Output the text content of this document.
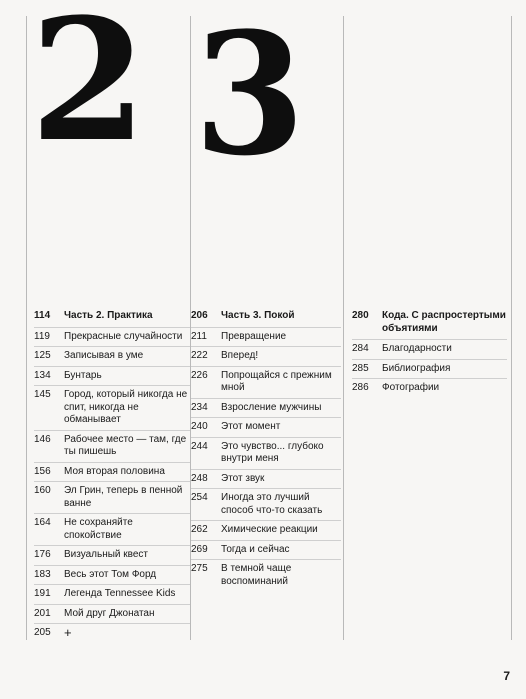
2 3
114	Часть 2. Практика
119	Прекрасные случайности
125	Записывая в уме
134	Бунтарь
145	Город, который никогда не спит, никогда не обманывает
146	Рабочее место — там, где ты пишешь
156	Моя вторая половина
160	Эл Грин, теперь в пенной ванне
164	Не сохраняйте спокойствие
176	Визуальный квест
183	Весь этот Том Форд
191	Легенда Tennessee Kids
201	Мой друг Джонатан
205	+
206	Часть 3. Покой
211	Превращение
222	Вперед!
226	Попрощайся с прежним мной
234	Взросление мужчины
240	Этот момент
244	Это чувство... глубоко внутри меня
248	Этот звук
254	Иногда это лучший способ что-то сказать
262	Химические реакции
269	Тогда и сейчас
275	В темной чаще воспоминаний
280	Кода. С распростертыми объятиями
284	Благодарности
285	Библиография
286	Фотографии
7
